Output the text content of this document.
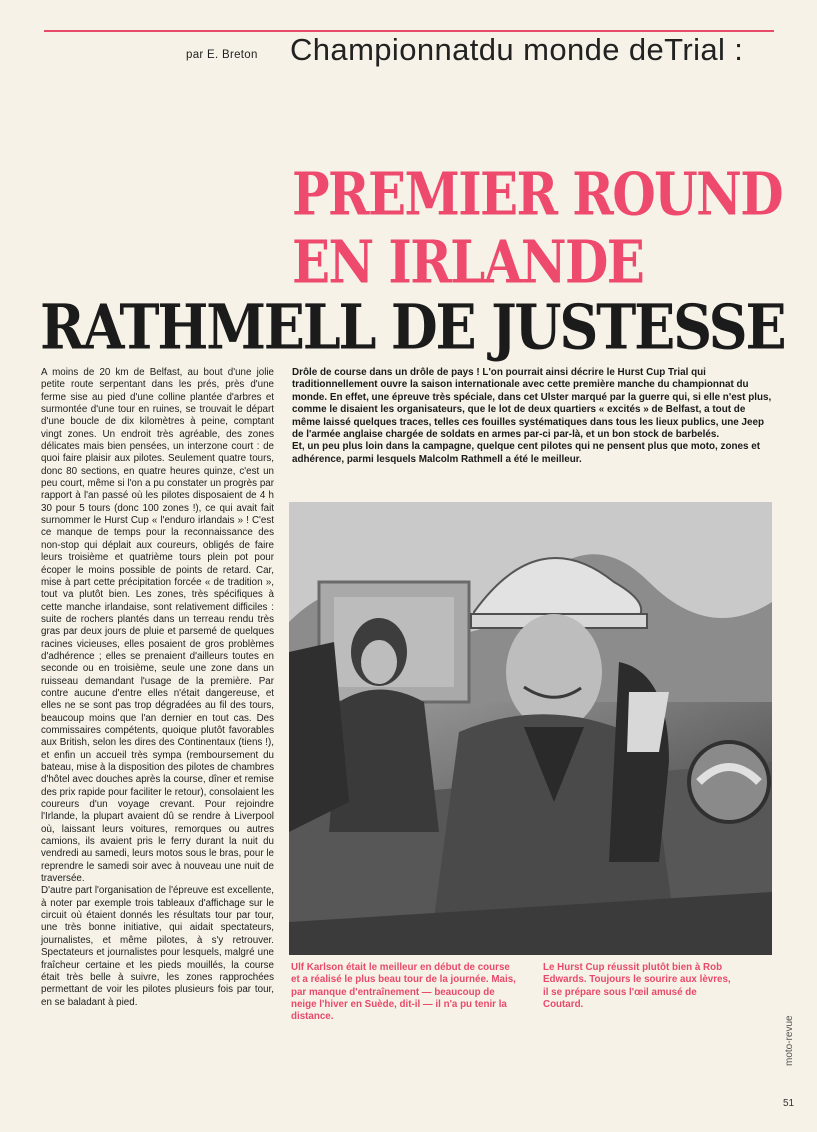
par E. Breton Championnatdu monde deTrial :
PREMIER ROUND
EN IRLANDE
RATHMELL DE JUSTESSE

A moins de 20 km de Belfast, au bout d'une jolie petite route serpentant dans les prés, près d'une ferme sise au pied d'une colline plantée d'arbres et surmontée d'une tour en ruines, se trouvait le départ d'une boucle de dix kilomètres à peine, comptant vingt zones. Un endroit très agréable, des zones délicates mais bien pensées, un interzone court : de quoi faire plaisir aux pilotes. Seulement quatre tours, donc 80 sections, en quatre heures quinze, c'est un peu court, même si l'on a pu constater un progrès par rapport à l'an passé où les pilotes disposaient de 4 h 30 pour 5 tours (donc 100 zones !), ce qui avait fait surnommer le Hurst Cup « l'enduro irlandais » ! C'est ce manque de temps pour la reconnaissance des non-stop qui déplait aux coureurs, obligés de faire leurs troisième et quatrième tours plein pot pour écoper le moins possible de points de retard. Car, mise à part cette précipitation forcée « de tradition », tout va plutôt bien. Les zones, très spécifiques à cette manche irlandaise, sont relativement difficiles : suite de rochers plantés dans un terreau rendu très gras par deux jours de pluie et parsemé de quelques racines vicieuses, elles posaient de gros problèmes d'adhérence ; elles se prenaient d'ailleurs toutes en seconde ou en troisième, seule une zone dans un ruisseau demandant l'usage de la première. Par contre aucune d'entre elles n'était dangereuse, et elles ne se sont pas trop dégradées au fil des tours, beaucoup moins que l'an dernier en tout cas. Des commissaires compétents, quoique plutôt favorables aux British, selon les dires des Continentaux (tiens !), et enfin un accueil très sympa (remboursement du bateau, mise à la disposition des pilotes de chambres d'hôtel avec douches après la course, dîner et remise des prix rapide pour faciliter le retour), consolaient les coureurs d'un voyage crevant. Pour rejoindre l'Irlande, la plupart avaient dû se rendre à Liverpool où, laissant leurs voitures, remorques ou autres camions, ils avaient pris le ferry durant la nuit du vendredi au samedi, leurs motos sous le bras, pour le reprendre le samedi soir avec à nouveau une nuit de traversée.

D'autre part l'organisation de l'épreuve est excellente, à noter par exemple trois tableaux d'affichage sur le circuit où étaient donnés les résultats tour par tour, une très bonne initiative, qui aidait spectateurs, journalistes, et même pilotes, à s'y retrouver. Spectateurs et journalistes pour lesquels, malgré une fraîcheur certaine et les pieds mouillés, la course était très belle à suivre, les zones rapprochées permettant de voir les pilotes plusieurs fois par tour, en se baladant à pied.

Drôle de course dans un drôle de pays ! L'on pourrait ainsi décrire le Hurst Cup Trial qui traditionnellement ouvre la saison internationale avec cette première manche du championnat du monde. En effet, une épreuve très spéciale, dans cet Ulster marqué par la guerre qui, si elle n'est plus, comme le disaient les organisateurs, que le lot de deux quartiers « excités » de Belfast, a tout de même laissé quelques traces, telles ces fouilles systématiques dans tous les lieux publics, une Jeep de l'armée anglaise chargée de soldats en armes par-ci par-là, et un bon stock de barbelés.

Et, un peu plus loin dans la campagne, quelque cent pilotes qui ne pensent plus que moto, zones et adhérence, parmi lesquels Malcolm Rathmell a été le meilleur.

Ulf Karlson était le meilleur en début de course et a réalisé le plus beau tour de la journée. Mais, par manque d'entraînement — beaucoup de neige l'hiver en Suède, dit-il — il n'a pu tenir la distance.
Le Hurst Cup réussit plutôt bien à Rob Edwards. Toujours le sourire aux lèvres, il se prépare sous l'œil amusé de Coutard.
moto-revue
51
